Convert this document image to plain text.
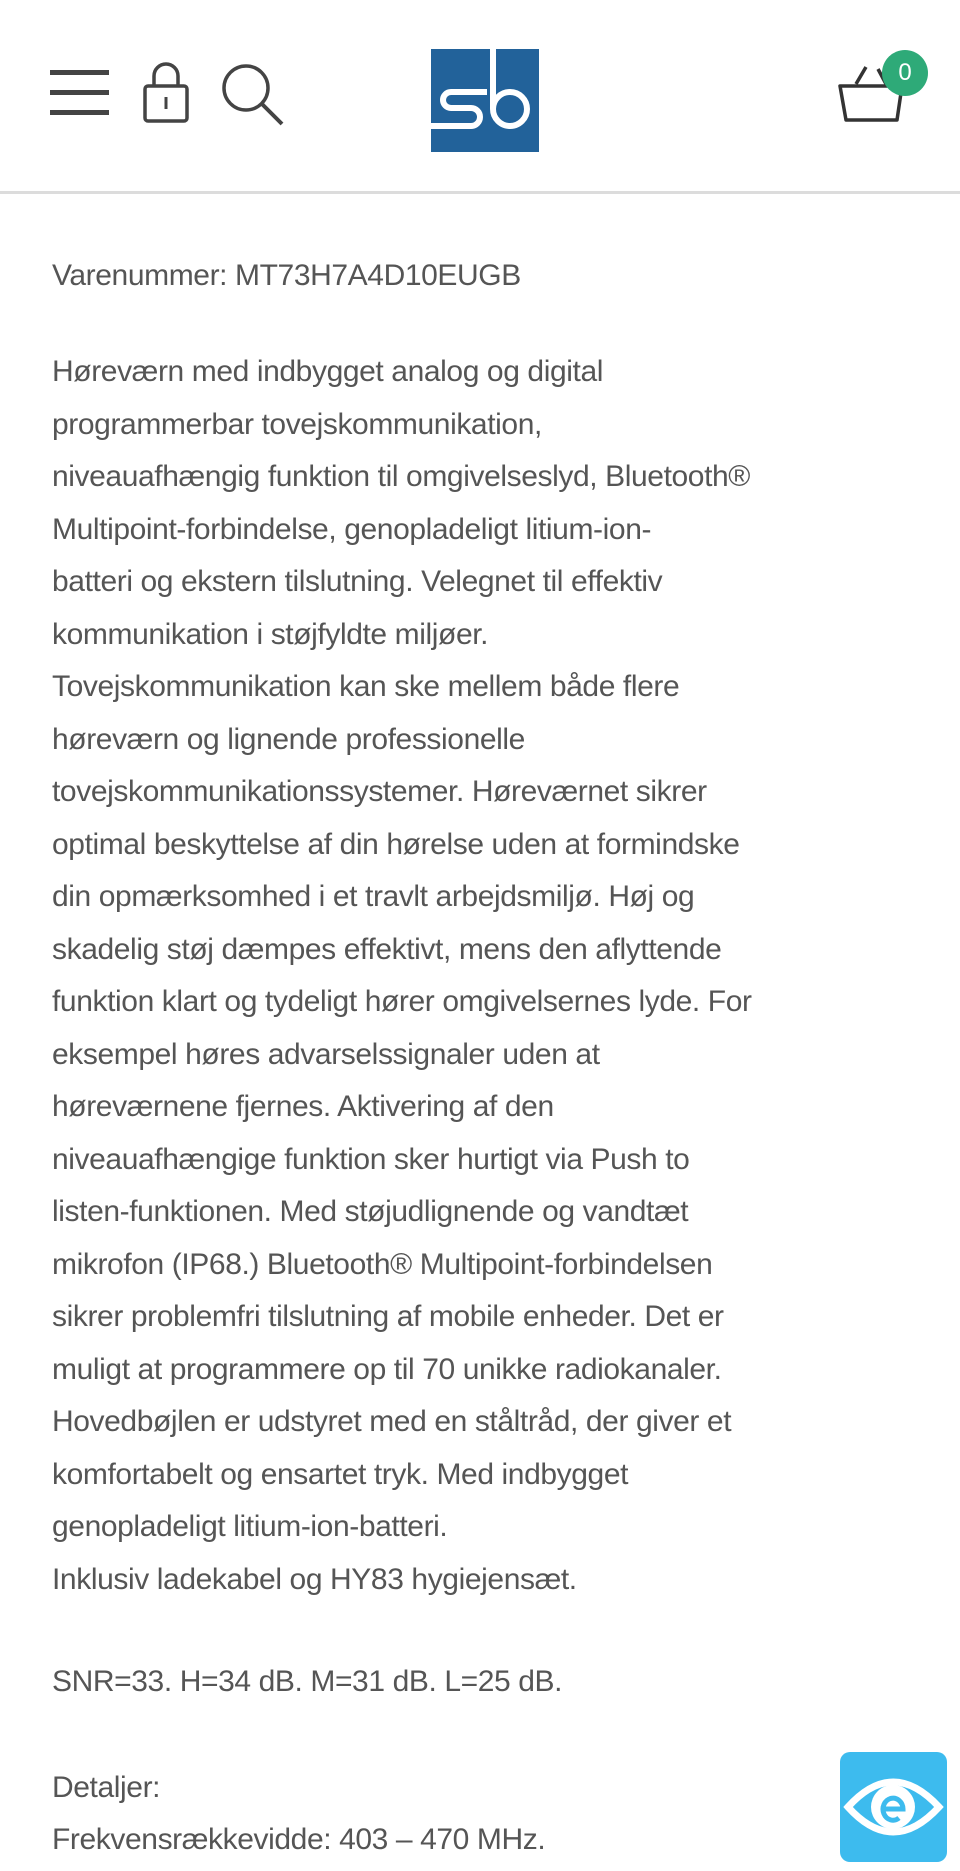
0
Varenummer: MT73H7A4D10EUGB
Høreværn med indbygget analog og digital
programmerbar tovejskommunikation,
niveauafhængig funktion til omgivelseslyd, Bluetooth®
Multipoint-forbindelse, genopladeligt litium-ion-
batteri og ekstern tilslutning. Velegnet til effektiv
kommunikation i støjfyldte miljøer.
Tovejskommunikation kan ske mellem både flere
høreværn og lignende professionelle
tovejskommunikationssystemer. Høreværnet sikrer
optimal beskyttelse af din hørelse uden at formindske
din opmærksomhed i et travlt arbejdsmiljø. Høj og
skadelig støj dæmpes effektivt, mens den aflyttende
funktion klart og tydeligt hører omgivelsernes lyde. For
eksempel høres advarselssignaler uden at
høreværnene fjernes. Aktivering af den
niveauafhængige funktion sker hurtigt via Push to
listen-funktionen. Med støjudlignende og vandtæt
mikrofon (IP68.) Bluetooth® Multipoint-forbindelsen
sikrer problemfri tilslutning af mobile enheder. Det er
muligt at programmere op til 70 unikke radiokanaler.
Hovedbøjlen er udstyret med en ståltråd, der giver et
komfortabelt og ensartet tryk. Med indbygget
genopladeligt litium-ion-batteri.
Inklusiv ladekabel og HY83 hygiejensæt.
SNR=33. H=34 dB. M=31 dB. L=25 dB.
Detaljer:
Frekvensrækkevidde: 403 – 470 MHz.
